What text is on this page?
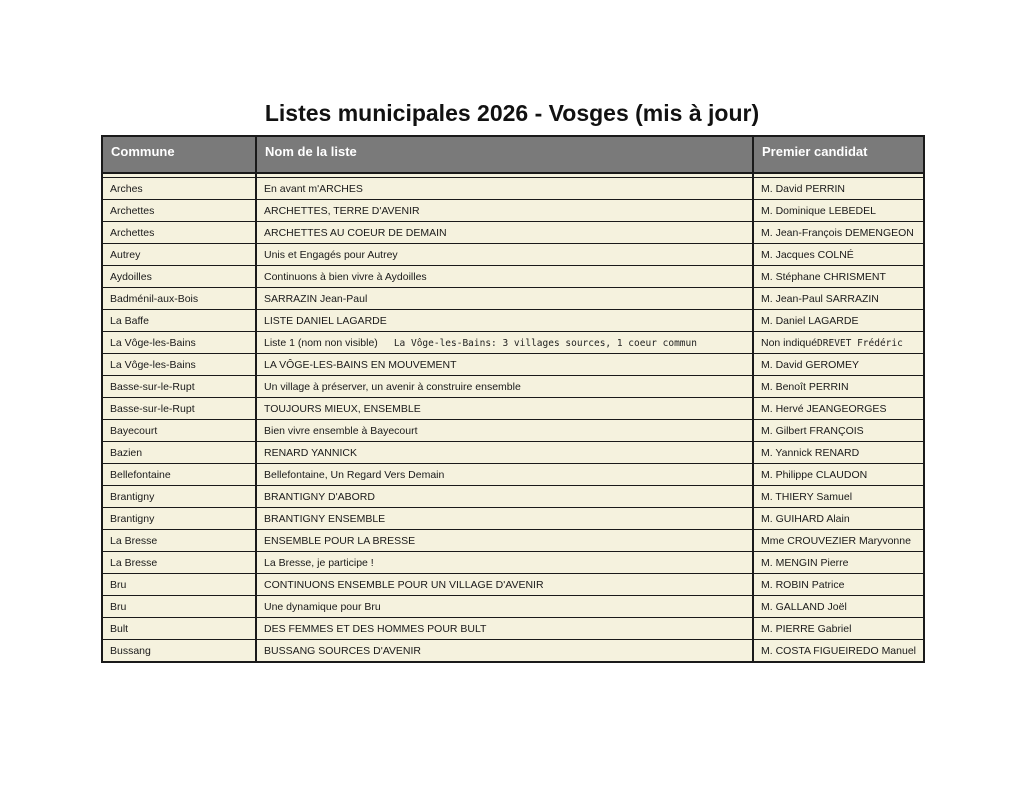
Listes municipales 2026 - Vosges (mis à jour)
Commune	Nom de la liste	Premier candidat

Arches	En avant m'ARCHES	M. David PERRIN
Archettes	ARCHETTES, TERRE D'AVENIR	M. Dominique LEBEDEL
Archettes	ARCHETTES AU COEUR DE DEMAIN	M. Jean-François DEMENGEON
Autrey	Unis et Engagés pour Autrey	M. Jacques COLNÉ
Aydoilles	Continuons à bien vivre à Aydoilles	M. Stéphane CHRISMENT
Badménil-aux-Bois	SARRAZIN Jean-Paul	M. Jean-Paul SARRAZIN
La Baffe	LISTE DANIEL LAGARDE	M. Daniel LAGARDE
La Vôge-les-Bains	Liste 1 (nom non visible) La Vôge-les-Bains: 3 villages sources, 1 coeur commun	Non indiquéDREVET Frédéric
La Vôge-les-Bains	LA VÔGE-LES-BAINS EN MOUVEMENT	M. David GEROMEY
Basse-sur-le-Rupt	Un village à préserver, un avenir à construire ensemble	M. Benoît PERRIN
Basse-sur-le-Rupt	TOUJOURS MIEUX, ENSEMBLE	M. Hervé JEANGEORGES
Bayecourt	Bien vivre ensemble à Bayecourt	M. Gilbert FRANÇOIS
Bazien	RENARD YANNICK	M. Yannick RENARD
Bellefontaine	Bellefontaine, Un Regard Vers Demain	M. Philippe CLAUDON
Brantigny	BRANTIGNY D'ABORD	M. THIERY Samuel
Brantigny	BRANTIGNY ENSEMBLE	M. GUIHARD Alain
La Bresse	ENSEMBLE POUR LA BRESSE	Mme CROUVEZIER Maryvonne
La Bresse	La Bresse, je participe !	M. MENGIN Pierre
Bru	CONTINUONS ENSEMBLE POUR UN VILLAGE D'AVENIR	M. ROBIN Patrice
Bru	Une dynamique pour Bru	M. GALLAND Joël
Bult	DES FEMMES ET DES HOMMES POUR BULT	M. PIERRE Gabriel
Bussang	BUSSANG SOURCES D'AVENIR	M. COSTA FIGUEIREDO Manuel
